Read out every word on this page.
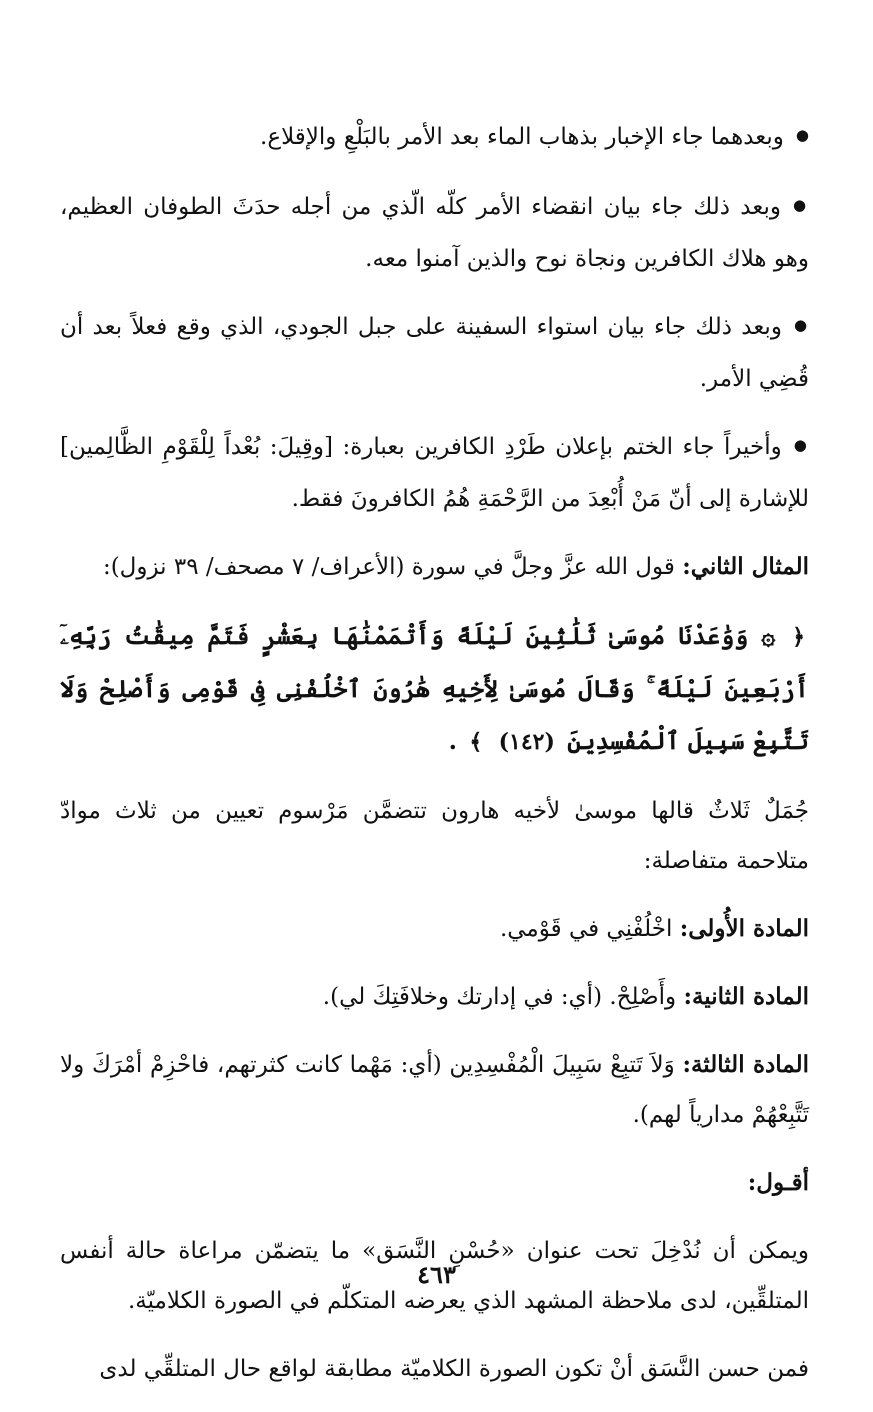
● وبعدهما جاء الإخبار بذهاب الماء بعد الأمر بالبَلْعِ والإقلاع.

● وبعد ذلك جاء بيان انقضاء الأمر كلّه الّذي من أجله حدَثَ الطوفان العظيم، وهو هلاك الكافرين ونجاة نوح والذين آمنوا معه.

● وبعد ذلك جاء بيان استواء السفينة على جبل الجودي، الذي وقع فعلاً بعد أن قُضِي الأمر.

● وأخيراً جاء الختم بإعلان طَرْدِ الكافرين بعبارة: [وقِيلَ: بُعْداً لِلْقَوْمِ الظَّالِمين] للإشارة إلى أنّ مَنْ أُبْعِدَ من الرَّحْمَةِ هُمُ الكافرونَ فقط.

المثال الثاني: قول الله عزَّ وجلَّ في سورة (الأعراف/ ٧ مصحف/ ٣٩ نزول):

﴿ ۞ وَوَٰعَدْنَا مُوسَىٰ ثَلَٰثِينَ لَيْلَةً وَأَتْمَمْنَٰهَا بِعَشْرٍ فَتَمَّ مِيقَٰتُ رَبِّهِۦٓ أَرْبَعِينَ لَيْلَةً ۚ وَقَالَ مُوسَىٰ لِأَخِيهِ هَٰرُونَ ٱخْلُفْنِى فِى قَوْمِى وَأَصْلِحْ وَلَا تَتَّبِعْ سَبِيلَ ٱلْمُفْسِدِينَ (١٤٢) ﴾ .

جُمَلٌ ثَلاثٌ قالها موسىٰ لأخيه هارون تتضمَّن مَرْسوم تعيين من ثلاث موادّ متلاحمة متفاصلة:

المادة الأُولى: اخْلُفْنِي في قَوْمي.

المادة الثانية: وأَصْلِحْ. (أي: في إدارتك وخلافَتِكَ لي).

المادة الثالثة: وَلاَ تَتبِعْ سَبِيلَ الْمُفْسِدِين (أي: مَهْما كانت كثرتهم، فاحْزِمْ أمْرَكَ ولا تَتَّبِعْهُمْ مدارياً لهم).

أقـول:

ويمكن أن نُدْخِلَ تحت عنوان «حُسْنِ النَّسَق» ما يتضمّن مراعاة حالة أنفس المتلقِّين، لدى ملاحظة المشهد الذي يعرضه المتكلّم في الصورة الكلاميّة.

فمن حسن النَّسَق أنْ تكون الصورة الكلاميّة مطابقة لواقع حال المتلقِّي لدى

٤٦٣
